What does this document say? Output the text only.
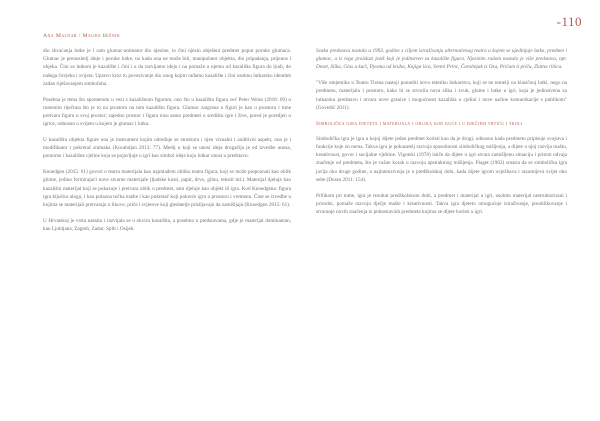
-110
Ana Malnar / Magda Hižnik

dio shvaćanja lutke je i sam glumac-animator dio njezine, to čini njezin obješeni predmet poput poruke glumaca. Glumac je prenositelj ideje i poruke lutke, no kada ona ne može biti, manipulator objekta, dio pripadanja, prijenos i objeka. Čini se lutkom je kazalište i čini i u da razvijamo ideju i na pomaže u njemu od kazališta figura do ljudi, do našega čovjeka i svijeta. Upravo kroz to povezivanje dio onog kojim rađamo kazalište i čini osobnu lutkarsku identitet zadan riješavanjem simbolima.

Posebna je tema što spomenutu u vezi s kazališnom figurom, ono što u kazalištu figura već Peter Weiss (2016: 69) u rumenim riječima što je to na prostoru na tom kazalištu figura. Glumac zaigrana u figuri je kao u prostoru i time pretvara figuru u svoj prostor; zajedno prostor i figura nisu samo predmeti u središtu igre i žive, pored je poredjen u igrice, odnosno u svijetu u kojem je glumac i lutka.

U kazalištu objekta figure ona je instrument kojim određuje se struktura i njen vizualni i auditivni aspekt, ona je i modifikator i pokretač snimaka (Kocabdjan 2013: 77). Medij u koji se unosi ideja drugačija je od izvedbe unosa, pomorne i kazališne cjeline koja se pojavljuje u igri kao simbol ideje koju lutkar unosi u predstavu.

Knoedgen (2015: 61) govori o teatru materijala kao najmlađem obliku teatra figura, koji se može prepoznati kao oblik glume, jedino formirajući nove stvarne materijale (ljudske kosti, papir, drvo, glinu, tekstil itd.). Materijal djeluje kao kazališni materijal koji se pokazuje i pretvara oblik u predmet, sam djeluje kao objekt ili igra. Kod Knoedgena: figura igra ključnu ulogu, i kao polazna točka mašte i kao pokretač koji pokreće igru u prostoru i vremenu. Čine se izvedbe u kojima se materijali pretvaraju u likove, priče i svjetove koji gledatelje prisiljavaju da zamišljaju (Knoedgen 2015: 61).

U Hrvatskoj je vrsta nastala i razvijala se u okviru kazališta, a posebno u predstavama, gdje je materijal dominantan, kao Ljubljana, Zagreb, Zadar, Split i Osijek.

Svaka predstava nastala u 1993. godine s ciljem istraživanja alternativnog teatra u kojem se ujedinjuje lutka, predmet i glumac, a iz toga proizlazi jezik koji je jedinstven za kazalište figura. Njezinim radom nastalo je više predstava, npr. Deset, Slika, Glas u kući, Pjesma od kruha, Knjiga lica, Sretni Princ, Čarobnjak iz Oza, Pričam ti priču, Zlatna ribica.

"Više umjetnika u Teatru Tirena nastoji ponuditi novu estetiku lutkarstva, koji se ne temelji na klasičnoj lutki, nego na predmetu, materijalu i prostoru, kako bi se stvorila nova slika i zvuk, glume i lutke u igri, koja je jedinstvena za lutkarsku predstavu i otvara nove granice i mogućnosti kazališta u cjelini i nove načine komunikacije s publikom" (Govedić 2011).

Simbolička igra djeteta i materijala i oblika kod kuće i u dječjem vrtiću i školi

Simbolička igra je igra u kojoj dijete jedan predmet koristi kao da je drugi, odnosno kada predmetu pripisuje svojstva i funkcije koje on nema. Takva igra je pokazatelj razvoja sposobnosti simboličkog mišljenja, a dijete u njoj razvija maštu, kreativnost, govor i socijalne vještine. Vigotski (1978) ističe da dijete u igri stvara zamišljenu situaciju i pritom odvaja značenje od predmeta, što je važan korak u razvoju apstraktnog mišljenja. Piaget (1962) smatra da se simbolička igra javlja oko druge godine, a najintenzivnija je u predškolskoj dobi, kada dijete igrom uvježbava i razumijeva svijet oko sebe (Duran 2011: 154).

Prilikom pri tome, igra je rezultat predškolskom dobi, a predmet i materijal u igri, osobito materijal nestrukturirani i prirodni, pomaže razvoju dječje mašte i kreativnosti. Takva igra djetetu omogućuje istraživanje, preoblikovanje i stvaranje novih značenja iz jednostavnih predmeta kojima se dijete koristi u igri.
